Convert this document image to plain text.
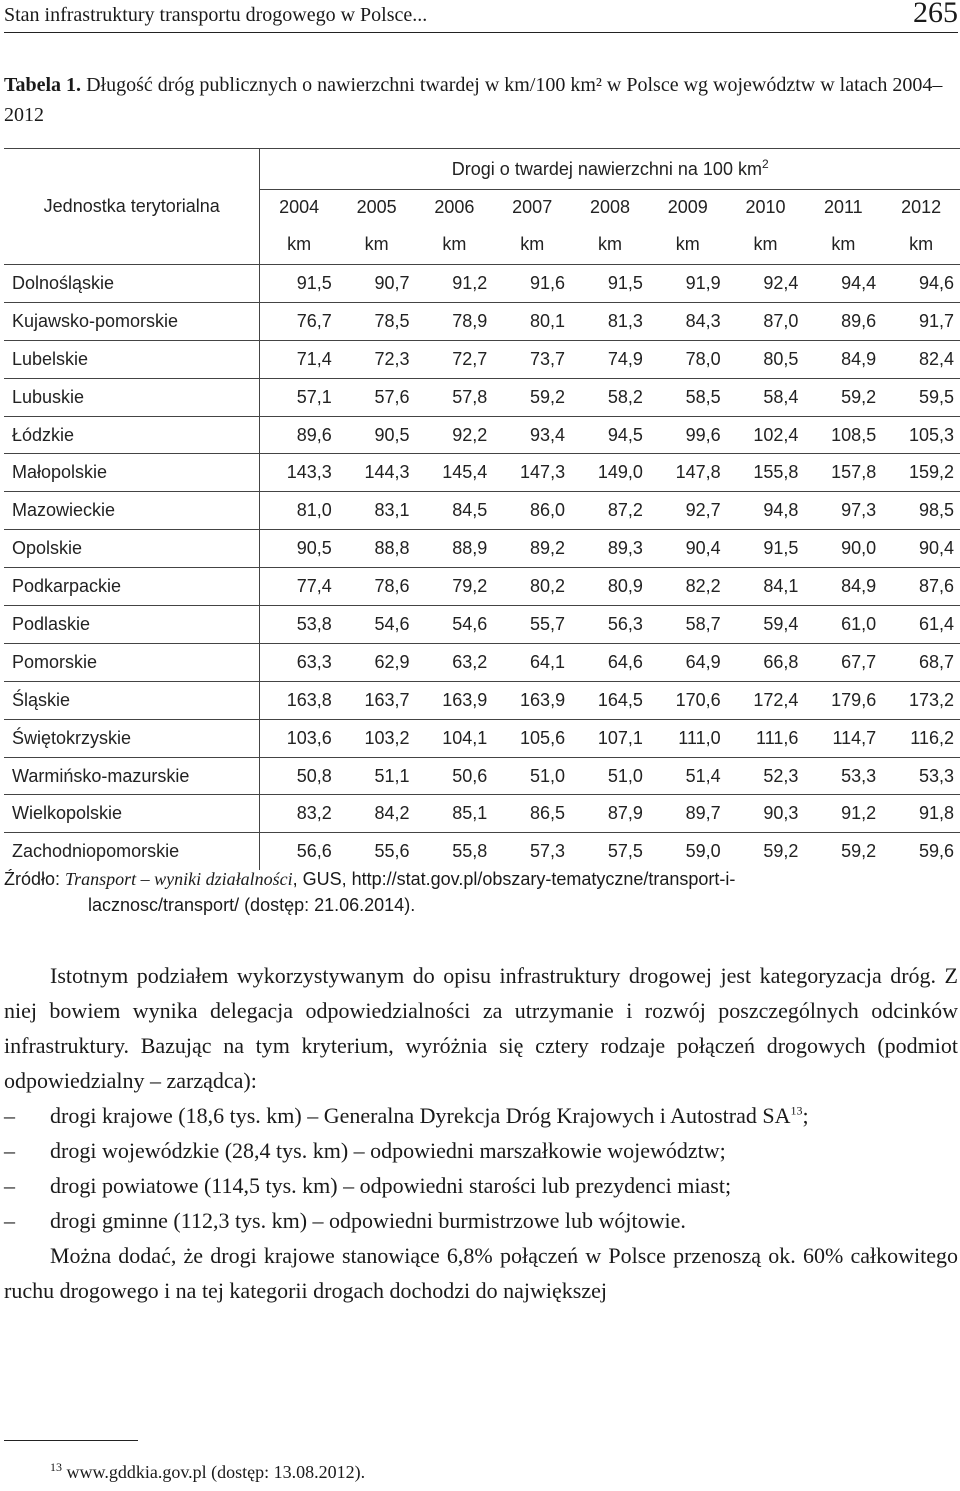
Stan infrastruktury transportu drogowego w Polsce...	265

Tabela 1. Długość dróg publicznych o nawierzchni twardej w km/100 km² w Polsce wg województw w latach 2004–2012

Jednostka terytorialna	Drogi o twardej nawierzchni na 100 $km^2$
	2004	2005	2006	2007	2008	2009	2010	2011	2012
	km	km	km	km	km	km	km	km	km
Dolnośląskie	91,5	90,7	91,2	91,6	91,5	91,9	92,4	94,4	94,6
Kujawsko-pomorskie	76,7	78,5	78,9	80,1	81,3	84,3	87,0	89,6	91,7
Lubelskie	71,4	72,3	72,7	73,7	74,9	78,0	80,5	84,9	82,4
Lubuskie	57,1	57,6	57,8	59,2	58,2	58,5	58,4	59,2	59,5
Łódzkie	89,6	90,5	92,2	93,4	94,5	99,6	102,4	108,5	105,3
Małopolskie	143,3	144,3	145,4	147,3	149,0	147,8	155,8	157,8	159,2
Mazowieckie	81,0	83,1	84,5	86,0	87,2	92,7	94,8	97,3	98,5
Opolskie	90,5	88,8	88,9	89,2	89,3	90,4	91,5	90,0	90,4
Podkarpackie	77,4	78,6	79,2	80,2	80,9	82,2	84,1	84,9	87,6
Podlaskie	53,8	54,6	54,6	55,7	56,3	58,7	59,4	61,0	61,4
Pomorskie	63,3	62,9	63,2	64,1	64,6	64,9	66,8	67,7	68,7
Śląskie	163,8	163,7	163,9	163,9	164,5	170,6	172,4	179,6	173,2
Świętokrzyskie	103,6	103,2	104,1	105,6	107,1	111,0	111,6	114,7	116,2
Warmińsko-mazurskie	50,8	51,1	50,6	51,0	51,0	51,4	52,3	53,3	53,3
Wielkopolskie	83,2	84,2	85,1	86,5	87,9	89,7	90,3	91,2	91,8
Zachodniopomorskie	56,6	55,6	55,8	57,3	57,5	59,0	59,2	59,2	59,6

Źródło: Transport – wyniki działalności, GUS, http://stat.gov.pl/obszary-tematyczne/transport-i-
lacznosc/transport/ (dostęp: 21.06.2014).

Istotnym podziałem wykorzystywanym do opisu infrastruktury drogowej jest kategoryzacja dróg. Z niej bowiem wynika delegacja odpowiedzialności za utrzymanie i rozwój poszczególnych odcinków infrastruktury. Bazując na tym kryterium, wyróżnia się cztery rodzaje połączeń drogowych (podmiot odpowiedzialny – zarządca):

– drogi krajowe (18,6 tys. km) – Generalna Dyrekcja Dróg Krajowych i Autostrad SA$^{13}$;

– drogi wojewódzkie (28,4 tys. km) – odpowiedni marszałkowie województw;

– drogi powiatowe (114,5 tys. km) – odpowiedni starości lub prezydenci miast;

– drogi gminne (112,3 tys. km) – odpowiedni burmistrzowe lub wójtowie.

Można dodać, że drogi krajowe stanowiące 6,8% połączeń w Polsce przenoszą ok. 60% całkowitego ruchu drogowego i na tej kategorii drogach dochodzi do największej

$^{13}$ www.gddkia.gov.pl (dostęp: 13.08.2012).
